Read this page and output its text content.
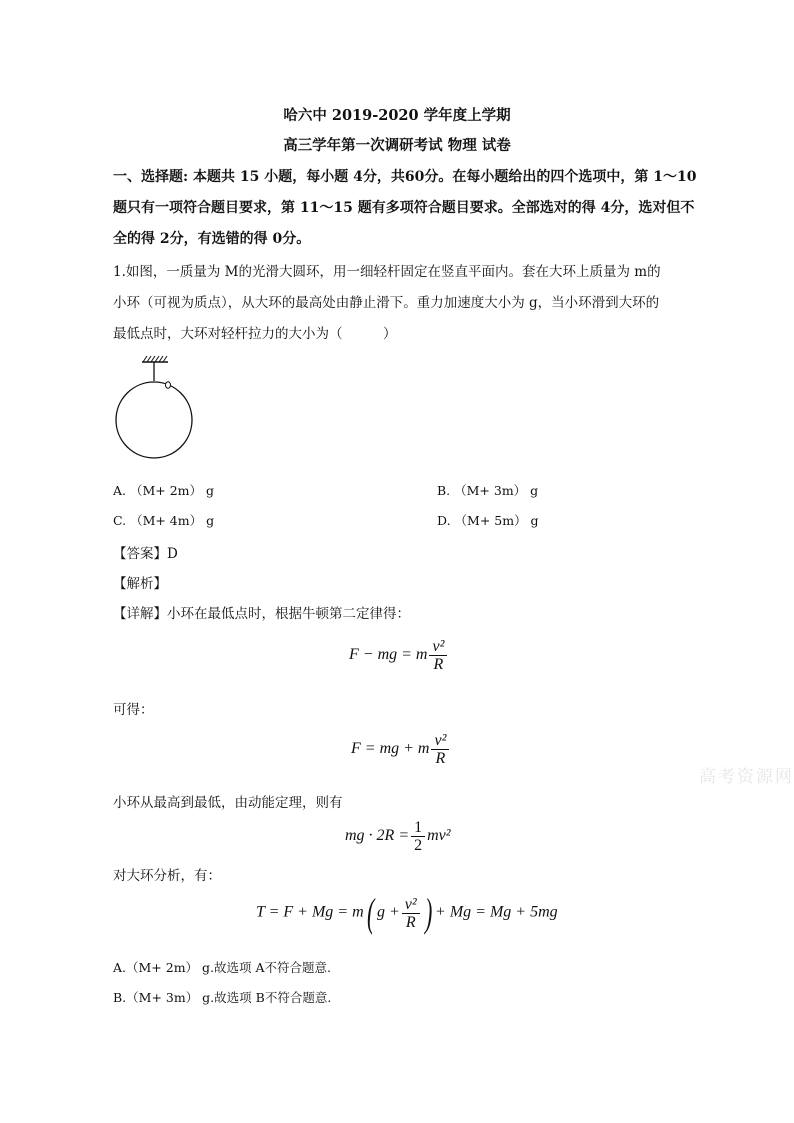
哈六中 2019-2020 学年度上学期
高三学年第一次调研考试 物理 试卷
一、选择题: 本题共 15 小题，每小题 4分，共60分。在每小题给出的四个选项中，第 1～10
题只有一项符合题目要求，第 11～15 题有多项符合题目要求。全部选对的得 4分，选对但不
全的得 2分，有选错的得 0分。
1.如图，一质量为 M的光滑大圆环，用一细轻杆固定在竖直平面内。套在大环上质量为 m的
小环（可视为质点），从大环的最高处由静止滑下。重力加速度大小为 g，当小环滑到大环的
最低点时，大环对轻杆拉力的大小为（　　　）
A. （M+ 2m） g	B. （M+ 3m） g
C. （M+ 4m） g	D. （M+ 5m） g
【答案】D
【解析】
【详解】小环在最低点时，根据牛顿第二定律得：
F − mg = m $\frac{\text{v²}}{R}$
可得：
F = mg + m $\frac{\text{v²}}{R}$
小环从最高到最低，由动能定理，则有
mg · $2R = \frac{1}{2} mv^2$
对大环分析，有：
T = F + Mg = m( $g + \frac{\text{v²}}{R}$ ) + Mg = Mg + 5mg
A.（M+ 2m） g.故选项 A不符合题意.
B.（M+ 3m） g.故选项 B不符合题意.
高考资源网
